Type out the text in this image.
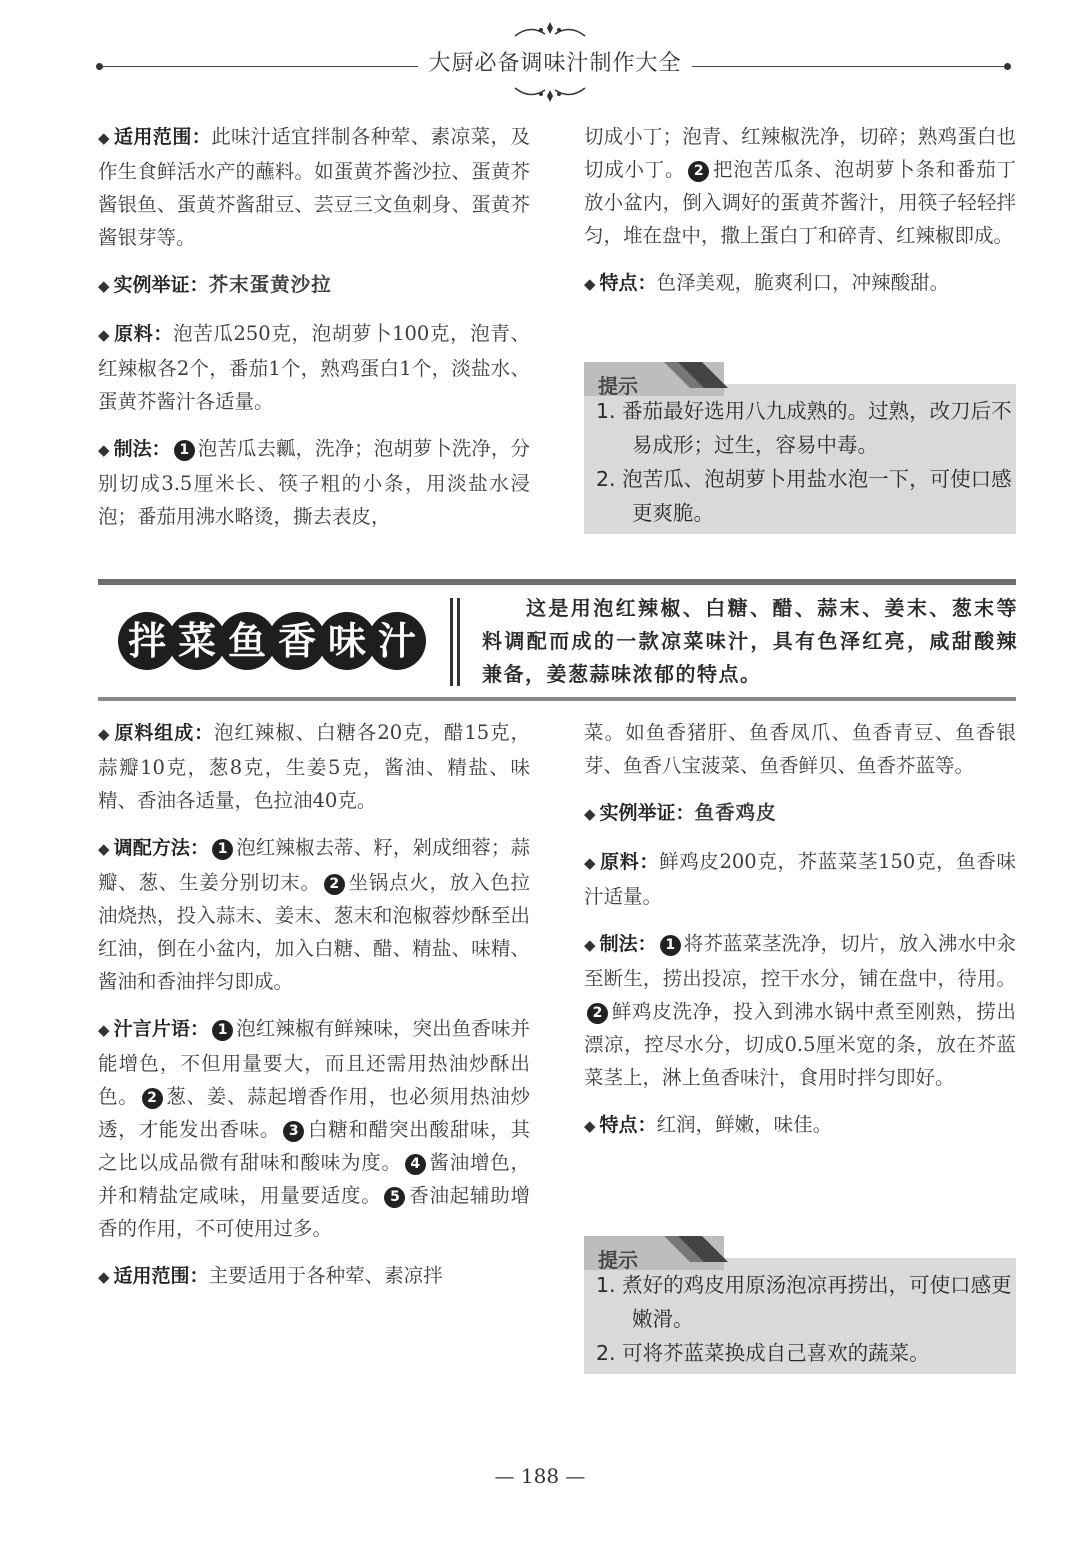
大厨必备调味汁制作大全

◆ 适用范围：此味汁适宜拌制各种荤、素凉菜，及作生食鲜活水产的蘸料。如蛋黄芥酱沙拉、蛋黄芥酱银鱼、蛋黄芥酱甜豆、芸豆三文鱼刺身、蛋黄芥酱银芽等。

◆ 实例举证：芥末蛋黄沙拉

◆ 原料：泡苦瓜250克，泡胡萝卜100克，泡青、红辣椒各2个，番茄1个，熟鸡蛋白1个，淡盐水、蛋黄芥酱汁各适量。

◆ 制法： 1 泡苦瓜去瓤，洗净；泡胡萝卜洗净，分别切成3.5厘米长、筷子粗的小条，用淡盐水浸泡；番茄用沸水略烫，撕去表皮，

切成小丁；泡青、红辣椒洗净，切碎；熟鸡蛋白也切成小丁。 2 把泡苦瓜条、泡胡萝卜条和番茄丁放小盆内，倒入调好的蛋黄芥酱汁，用筷子轻轻拌匀，堆在盘中，撒上蛋白丁和碎青、红辣椒即成。

◆ 特点：色泽美观，脆爽利口，冲辣酸甜。

提示
1. 番茄最好选用八九成熟的。过熟，改刀后不易成形；过生，容易中毒。
2. 泡苦瓜、泡胡萝卜用盐水泡一下，可使口感更爽脆。
拌 菜 鱼 香 味 汁
这是用泡红辣椒、白糖、醋、蒜末、姜末、葱末等料调配而成的一款凉菜味汁，具有色泽红亮，咸甜酸辣兼备，姜葱蒜味浓郁的特点。

◆ 原料组成：泡红辣椒、白糖各20克，醋15克，蒜瓣10克，葱8克，生姜5克，酱油、精盐、味精、香油各适量，色拉油40克。

◆ 调配方法： 1 泡红辣椒去蒂、籽，剁成细蓉；蒜瓣、葱、生姜分别切末。 2 坐锅点火，放入色拉油烧热，投入蒜末、姜末、葱末和泡椒蓉炒酥至出红油，倒在小盆内，加入白糖、醋、精盐、味精、酱油和香油拌匀即成。

◆ 汁言片语： 1 泡红辣椒有鲜辣味，突出鱼香味并能增色，不但用量要大，而且还需用热油炒酥出色。 2 葱、姜、蒜起增香作用，也必须用热油炒透，才能发出香味。 3 白糖和醋突出酸甜味，其之比以成品微有甜味和酸味为度。 4 酱油增色，并和精盐定咸味，用量要适度。 5 香油起辅助增香的作用，不可使用过多。

◆ 适用范围：主要适用于各种荤、素凉拌

菜。如鱼香猪肝、鱼香凤爪、鱼香青豆、鱼香银芽、鱼香八宝菠菜、鱼香鲜贝、鱼香芥蓝等。

◆ 实例举证：鱼香鸡皮

◆ 原料：鲜鸡皮200克，芥蓝菜茎150克，鱼香味汁适量。

◆ 制法： 1 将芥蓝菜茎洗净，切片，放入沸水中汆至断生，捞出投凉，控干水分，铺在盘中，待用。2 鲜鸡皮洗净，投入到沸水锅中煮至刚熟，捞出漂凉，控尽水分，切成0.5厘米宽的条，放在芥蓝菜茎上，淋上鱼香味汁，食用时拌匀即好。

◆ 特点：红润，鲜嫩，味佳。

提示
1. 煮好的鸡皮用原汤泡凉再捞出，可使口感更嫩滑。
2. 可将芥蓝菜换成自己喜欢的蔬菜。
— 188 —
